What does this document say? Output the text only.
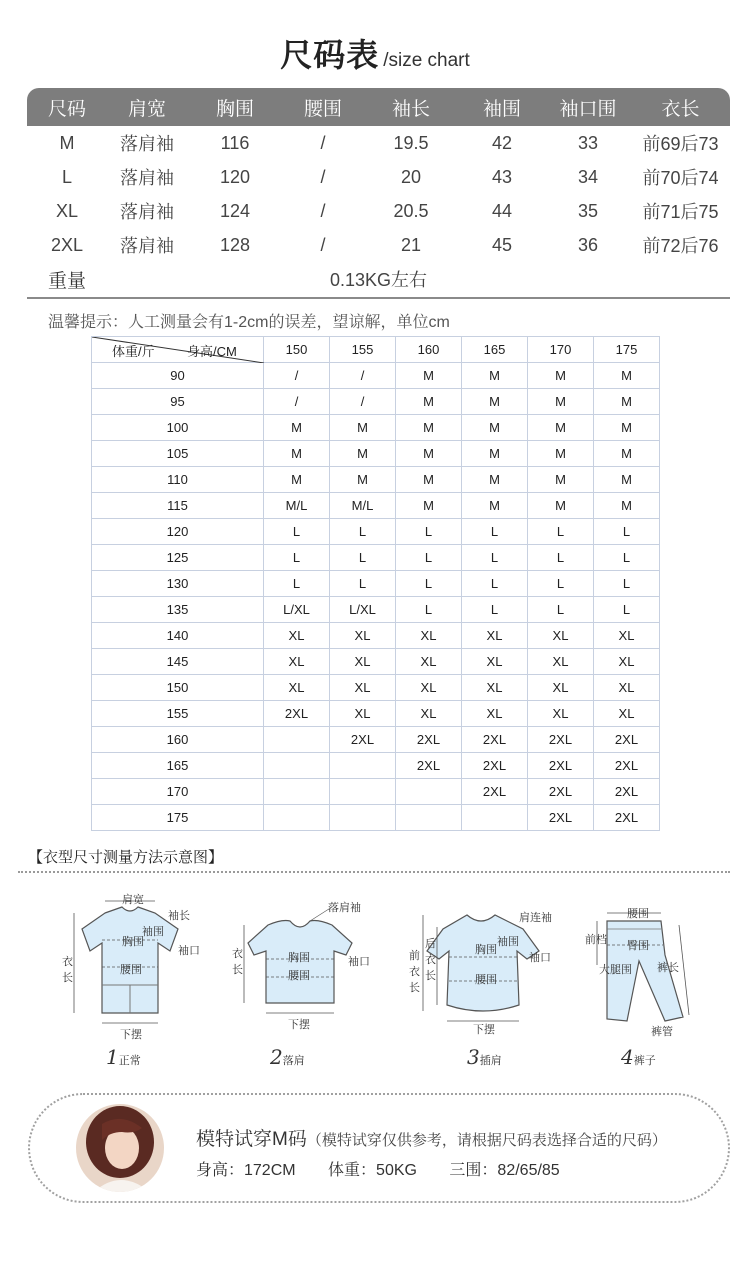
尺码表 /size chart
尺码	肩宽	胸围	腰围	袖长	袖围	袖口围	衣长
M	落肩袖	116	/	19.5	42	33	前69后73
L	落肩袖	120	/	20	43	34	前70后74
XL	落肩袖	124	/	20.5	44	35	前71后75
2XL	落肩袖	128	/	21	45	36	前72后76
重量	0.13KG左右						
温馨提示：人工测量会有1-2cm的误差，望谅解，单位cm
体重/斤 身高/CM	150	155	160	165	170	175
90	/	/	M	M	M	M
95	/	/	M	M	M	M
100	M	M	M	M	M	M
105	M	M	M	M	M	M
110	M	M	M	M	M	M
115	M/L	M/L	M	M	M	M
120	L	L	L	L	L	L
125	L	L	L	L	L	L
130	L	L	L	L	L	L
135	L/XL	L/XL	L	L	L	L
140	XL	XL	XL	XL	XL	XL
145	XL	XL	XL	XL	XL	XL
150	XL	XL	XL	XL	XL	XL
155	2XL	XL	XL	XL	XL	XL
160		2XL	2XL	2XL	2XL	2XL
165			2XL	2XL	2XL	2XL
170				2XL	2XL	2XL
175					2XL	2XL
【衣型尺寸测量方法示意图】
肩宽
袖长
袖围
胸围
袖口
衣长
腰围
下摆
1正常
落肩袖
衣长
胸围	袖口
腰围
下摆
2落肩
肩连袖
后衣长
前衣长
胸围
袖围
袖口
腰围
下摆
3插肩
腰围
前档 臀围
大腿围 裤长
裤管
4裤子
模特试穿M码（模特试穿仅供参考，请根据尺码表选择合适的尺码）
身高：172CM 体重：50KG 三围：82/65/85
